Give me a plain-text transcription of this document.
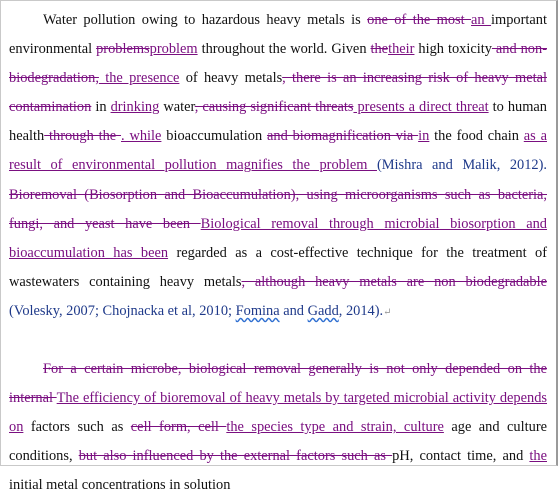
Water pollution owing to hazardous heavy metals is one of the most an important environmental problemsproblem throughout the world. Given thetheir high toxicity and non-biodegradation, the presence of heavy metals, there is an increasing risk of heavy metal contamination in drinking water, causing significant threats presents a direct threat to human health through the . while bioaccumulation and biomagnification via in the food chain as a result of environmental pollution magnifies the problem (Mishra and Malik, 2012). Bioremoval (Biosorption and Bioaccumulation), using microorganisms such as bacteria, fungi, and yeast have been Biological removal through microbial biosorption and bioaccumulation has been regarded as a cost-effective technique for the treatment of wastewaters containing heavy metals, although heavy metals are non biodegradable (Volesky, 2007; Chojnacka et al, 2010; Fomina and Gadd, 2014).↵

For a certain microbe, biological removal generally is not only depended on the internal The efficiency of bioremoval of heavy metals by targeted microbial activity depends on factors such as cell form, cell the species type and strain, culture age and culture conditions, but also influenced by the external factors such as pH, contact time, and the initial metal concentrations in solution
